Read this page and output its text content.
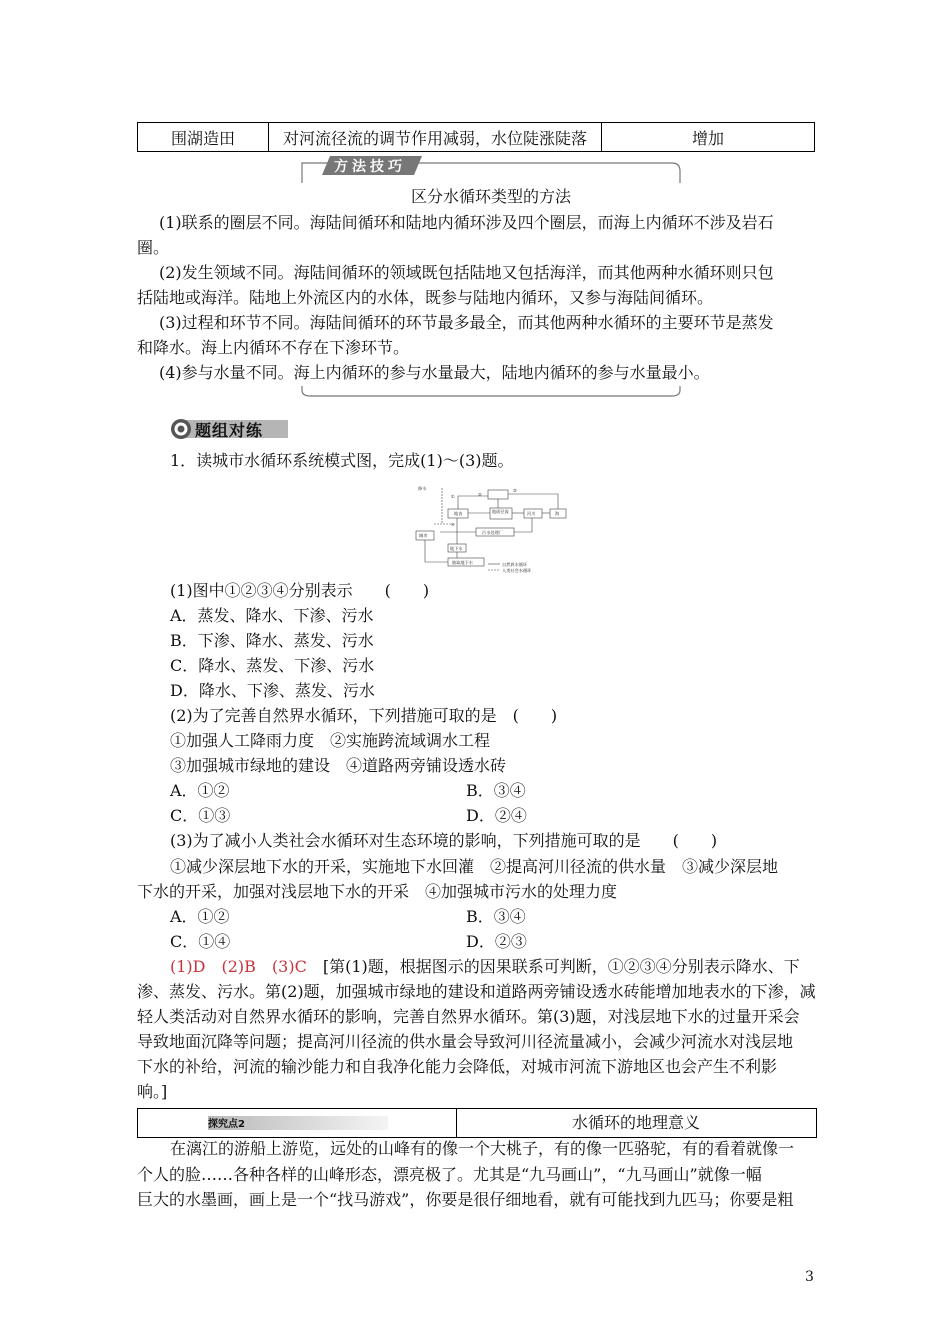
围湖造田	对河流径流的调节作用减弱，水位陡涨陡落	增加
方法技巧
区分水循环类型的方法
(1)联系的圈层不同。海陆间循环和陆地内循环涉及四个圈层，而海上内循环不涉及岩石
圈。
(2)发生领域不同。海陆间循环的领域既包括陆地又包括海洋，而其他两种水循环则只包
括陆地或海洋。陆地上外流区内的水体，既参与陆地内循环，又参与海陆间循环。
(3)过程和环节不同。海陆间循环的环节最多最全，而其他两种水循环的主要环节是蒸发
和降水。海上内循环不存在下渗环节。
(4)参与水量不同。海上内循环的参与水量最大，陆地内循环的参与水量最小。
题组对练
1．读城市水循环系统模式图，完成(1)～(3)题。
地表
降水
地面径流	河川	海
污水处理厂
地下水
抽取地下水
城市
①	②
③
④
自然界水循环
人类社会水循环
(1)图中①②③④分别表示　　(　　)
A．蒸发、降水、下渗、污水
B．下渗、降水、蒸发、污水
C．降水、蒸发、下渗、污水
D．降水、下渗、蒸发、污水
(2)为了完善自然界水循环，下列措施可取的是　(　　)
①加强人工降雨力度　②实施跨流域调水工程
③加强城市绿地的建设　④道路两旁铺设透水砖
A．①②	B．③④
C．①③	D．②④
(3)为了减小人类社会水循环对生态环境的影响，下列措施可取的是　　(　　)
①减少深层地下水的开采，实施地下水回灌　②提高河川径流的供水量　③减少深层地
下水的开采，加强对浅层地下水的开采　④加强城市污水的处理力度
A．①②	B．③④
C．①④	D．②③
(1)D　(2)B　(3)C　 [第(1)题，根据图示的因果联系可判断，①②③④分别表示降水、下
渗、蒸发、污水。第(2)题，加强城市绿地的建设和道路两旁铺设透水砖能增加地表水的下渗，减
轻人类活动对自然界水循环的影响，完善自然界水循环。第(3)题，对浅层地下水的过量开采会
导致地面沉降等问题；提高河川径流的供水量会导致河川径流量减小，会减少河流水对浅层地
下水的补给，河流的输沙能力和自我净化能力会降低，对城市河流下游地区也会产生不利影
响。]
探究点2	水循环的地理意义
在漓江的游船上游览，远处的山峰有的像一个大桃子，有的像一匹骆驼，有的看着就像一
个人的脸……各种各样的山峰形态，漂亮极了。尤其是“九马画山”，“九马画山”就像一幅
巨大的水墨画，画上是一个“找马游戏”，你要是很仔细地看，就有可能找到九匹马；你要是粗
3
